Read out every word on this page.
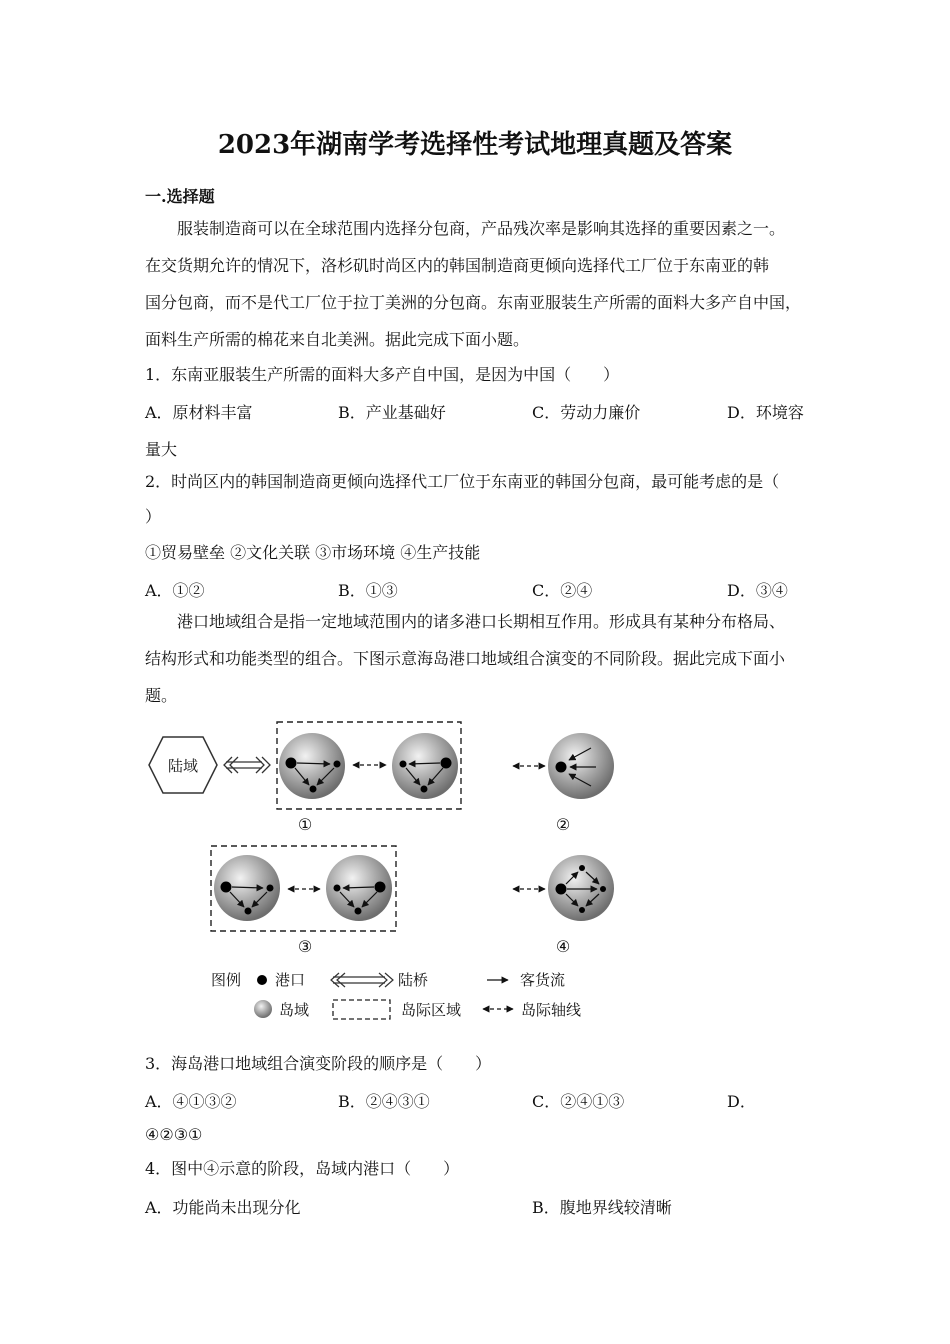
2023年湖南学考选择性考试地理真题及答案
一.选择题
服装制造商可以在全球范围内选择分包商，产品残次率是影响其选择的重要因素之一。
在交货期允许的情况下，洛杉矶时尚区内的韩国制造商更倾向选择代工厂位于东南亚的韩
国分包商，而不是代工厂位于拉丁美洲的分包商。东南亚服装生产所需的面料大多产自中国，
面料生产所需的棉花来自北美洲。据此完成下面小题。
1．东南亚服装生产所需的面料大多产自中国，是因为中国（　　）
A．原材料丰富	B．产业基础好	C．劳动力廉价	D．环境容
量大
2．时尚区内的韩国制造商更倾向选择代工厂位于东南亚的韩国分包商，最可能考虑的是（
）
①贸易壁垒 ②文化关联 ③市场环境 ④生产技能
A．①②	B．①③	C．②④	D．③④
港口地域组合是指一定地域范围内的诸多港口长期相互作用。形成具有某种分布格局、
结构形式和功能类型的组合。下图示意海岛港口地域组合演变的不同阶段。据此完成下面小
题。
陆域
①	②
③	④
图例 港口	陆桥	客货流
岛域	岛际区域	岛际轴线
3．海岛港口地域组合演变阶段的顺序是（　　）
A．④①③②	B．②④③①	C．②④①③	D．
④②③①
4．图中④示意的阶段，岛域内港口（　　）
A．功能尚未出现分化	B．腹地界线较清晰
